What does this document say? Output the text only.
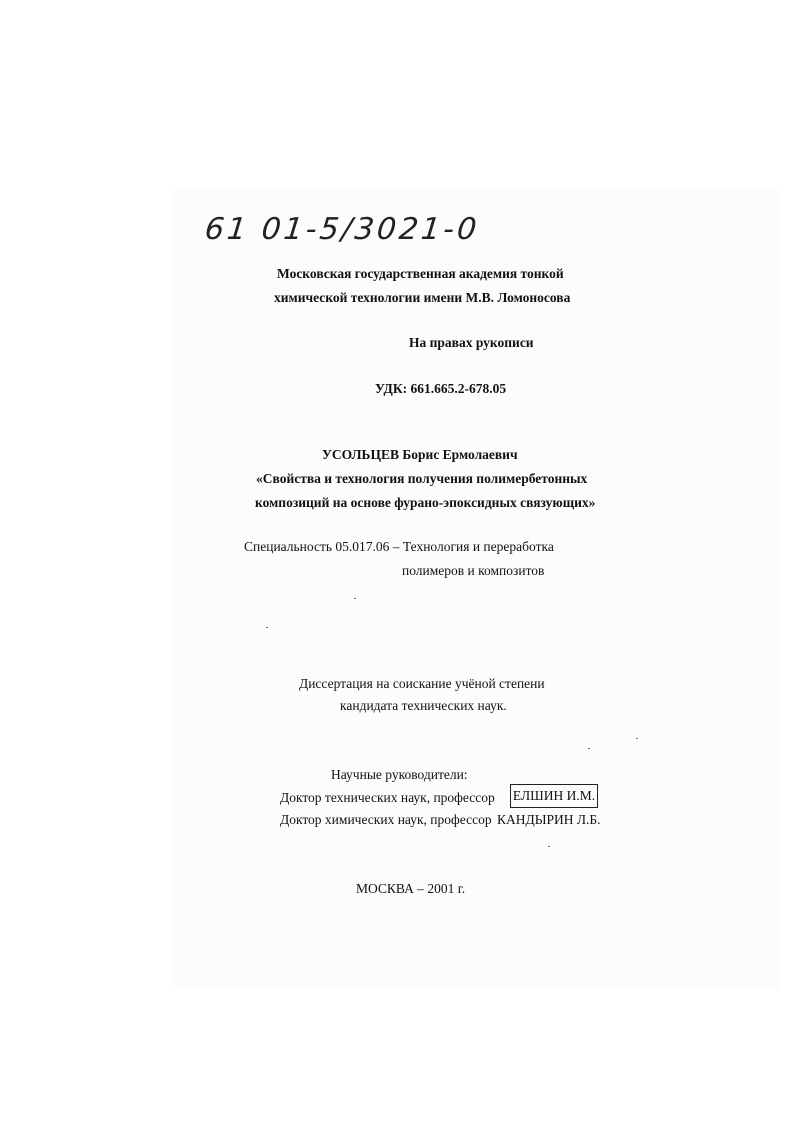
61 01-5/3021-0
Московская государственная академия тонкой
химической технологии имени М.В. Ломоносова
На правах рукописи
УДК: 661.665.2-678.05
УСОЛЬЦЕВ Борис Ермолаевич
«Свойства и технология получения полимербетонных
композиций на основе фурано-эпоксидных связующих»
Специальность 05.017.06 – Технология и переработка
полимеров и композитов
Диссертация на соискание учёной степени
кандидата технических наук.
Научные руководители:
Доктор технических наук, профессор ЕЛШИН И.М.
Доктор химических наук, профессор КАНДЫРИН Л.Б.
МОСКВА – 2001 г.
